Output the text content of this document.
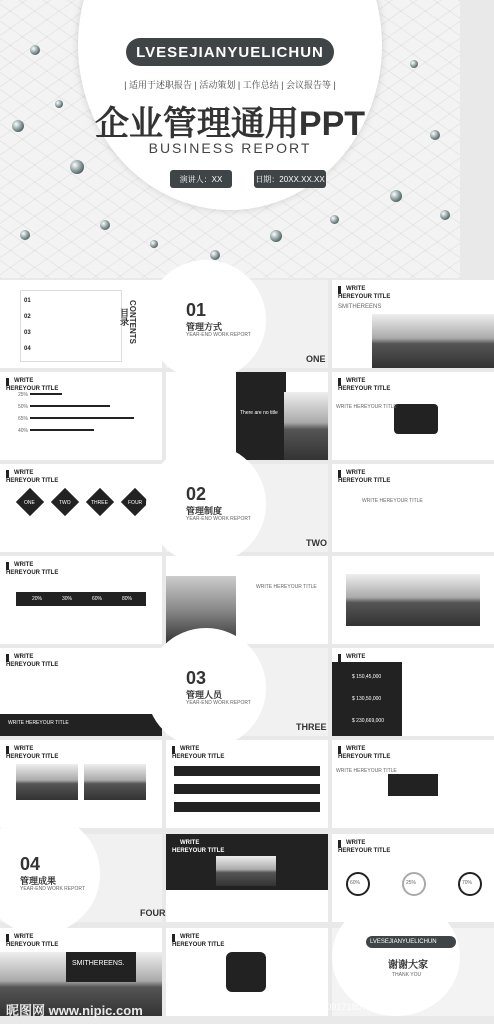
LVESEJIANYUELICHUN
| 适用于述职报告 | 活动策划 | 工作总结 | 会议报告等 |
企业管理通用PPT
BUSINESS REPORT
演讲人：XX	日期：20XX.XX.XX
01
02
03
04
目录 CONTENTS	01
管理方式
YEAR-END WORK REPORT
ONE
WRITE
HEREYOUR TITLE
SMITHEREENS
WRITE
HEREYOUR TITLE
25%
50%
65%
40%
There are no title
WRITE
HEREYOUR TITLE
WRITE HEREYOUR TITLE
WRITE
HEREYOUR TITLE
ONE	TWO	THREE	FOUR 02
管理制度
YEAR-END WORK REPORT
TWO
WRITE
HEREYOUR TITLE
WRITE HEREYOUR TITLE
WRITE
HEREYOUR TITLE
20%	30%	60%	80%
WRITE HEREYOUR TITLE
WRITE
HEREYOUR TITLE
WRITE HEREYOUR TITLE
03
管理人员
YEAR-END WORK REPORT
THREE
WRITE
$ 150,45,000
$ 130,50,000
$ 230,669,000
WRITE
HEREYOUR TITLE
WRITE
HEREYOUR TITLE
WRITE
HEREYOUR TITLE
WRITE HEREYOUR TITLE
04
管理成果
YEAR-END WORK REPORT
FOUR
WRITE
HEREYOUR TITLE
WRITE
HEREYOUR TITLE
60%	25%	70%
WRITE
HEREYOUR TITLE
SMITHEREENS.
WRITE
HEREYOUR TITLE	LVESEJIANYUELICHUN
谢谢大家
THANK YOU
昵图网 www.nipic.com	ID:6206114 NO:20190509171807714089
